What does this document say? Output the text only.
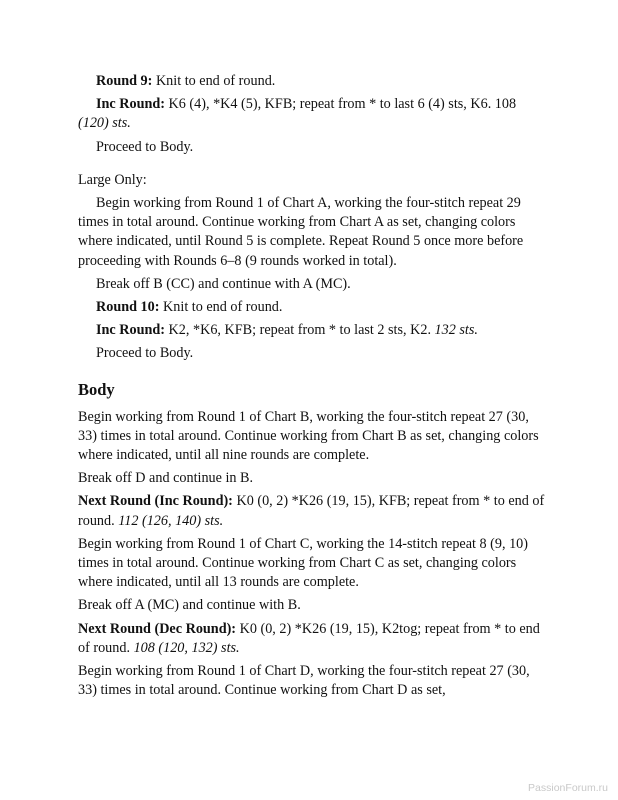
Round 9: Knit to end of round.

Inc Round: K6 (4), *K4 (5), KFB; repeat from * to last 6 (4) sts, K6. 108 (120) sts.

Proceed to Body.

Large Only:

Begin working from Round 1 of Chart A, working the four-stitch repeat 29 times in total around. Continue working from Chart A as set, changing colors where indicated, until Round 5 is complete. Repeat Round 5 once more before proceeding with Rounds 6–8 (9 rounds worked in total).

Break off B (CC) and continue with A (MC).

Round 10: Knit to end of round.

Inc Round: K2, *K6, KFB; repeat from * to last 2 sts, K2. 132 sts.

Proceed to Body.

Body

Begin working from Round 1 of Chart B, working the four-stitch repeat 27 (30, 33) times in total around. Continue working from Chart B as set, changing colors where indicated, until all nine rounds are complete.

Break off D and continue in B.

Next Round (Inc Round): K0 (0, 2) *K26 (19, 15), KFB; repeat from * to end of round. 112 (126, 140) sts.

Begin working from Round 1 of Chart C, working the 14-stitch repeat 8 (9, 10) times in total around. Continue working from Chart C as set, changing colors where indicated, until all 13 rounds are complete.

Break off A (MC) and continue with B.

Next Round (Dec Round): K0 (0, 2) *K26 (19, 15), K2tog; repeat from * to end of round. 108 (120, 132) sts.

Begin working from Round 1 of Chart D, working the four-stitch repeat 27 (30, 33) times in total around. Continue working from Chart D as set,

PassionForum.ru
